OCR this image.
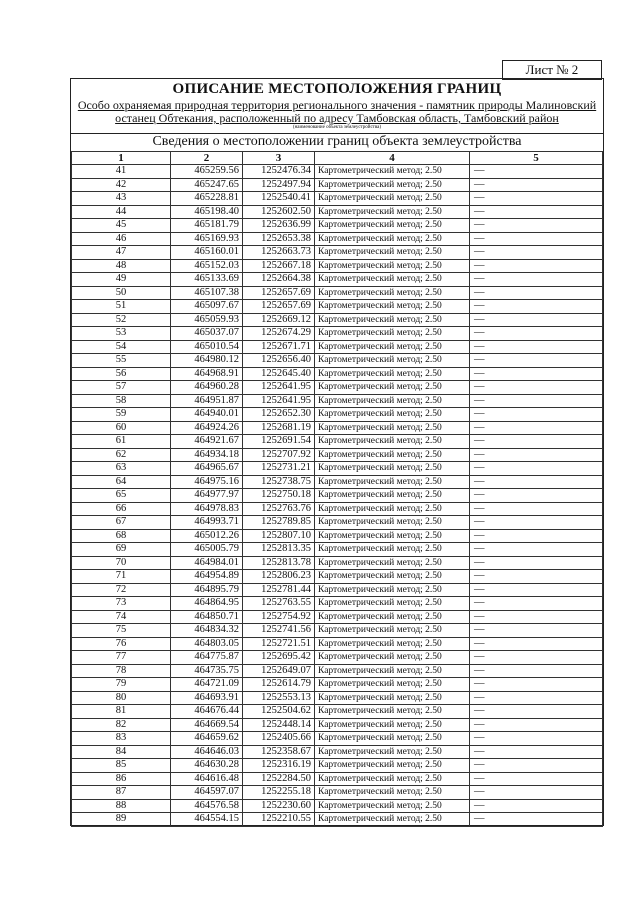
Лист № 2
ОПИСАНИЕ МЕСТОПОЛОЖЕНИЯ ГРАНИЦ
Особо охраняемая природная территория регионального значения - памятник природы Малиновский
останец Обтекания, расположенный по адресу Тамбовская область, Тамбовский район
(наименование объекта землеустройства)
Сведения о местоположении границ объекта землеустройства
1	2	3	4	5
41	465259.56	1252476.34	Картометрический метод; 2.50	—
42	465247.65	1252497.94	Картометрический метод; 2.50	—
43	465228.81	1252540.41	Картометрический метод; 2.50	—
44	465198.40	1252602.50	Картометрический метод; 2.50	—
45	465181.79	1252636.99	Картометрический метод; 2.50	—
46	465169.93	1252653.38	Картометрический метод; 2.50	—
47	465160.01	1252663.73	Картометрический метод; 2.50	—
48	465152.03	1252667.18	Картометрический метод; 2.50	—
49	465133.69	1252664.38	Картометрический метод; 2.50	—
50	465107.38	1252657.69	Картометрический метод; 2.50	—
51	465097.67	1252657.69	Картометрический метод; 2.50	—
52	465059.93	1252669.12	Картометрический метод; 2.50	—
53	465037.07	1252674.29	Картометрический метод; 2.50	—
54	465010.54	1252671.71	Картометрический метод; 2.50	—
55	464980.12	1252656.40	Картометрический метод; 2.50	—
56	464968.91	1252645.40	Картометрический метод; 2.50	—
57	464960.28	1252641.95	Картометрический метод; 2.50	—
58	464951.87	1252641.95	Картометрический метод; 2.50	—
59	464940.01	1252652.30	Картометрический метод; 2.50	—
60	464924.26	1252681.19	Картометрический метод; 2.50	—
61	464921.67	1252691.54	Картометрический метод; 2.50	—
62	464934.18	1252707.92	Картометрический метод; 2.50	—
63	464965.67	1252731.21	Картометрический метод; 2.50	—
64	464975.16	1252738.75	Картометрический метод; 2.50	—
65	464977.97	1252750.18	Картометрический метод; 2.50	—
66	464978.83	1252763.76	Картометрический метод; 2.50	—
67	464993.71	1252789.85	Картометрический метод; 2.50	—
68	465012.26	1252807.10	Картометрический метод; 2.50	—
69	465005.79	1252813.35	Картометрический метод; 2.50	—
70	464984.01	1252813.78	Картометрический метод; 2.50	—
71	464954.89	1252806.23	Картометрический метод; 2.50	—
72	464895.79	1252781.44	Картометрический метод; 2.50	—
73	464864.95	1252763.55	Картометрический метод; 2.50	—
74	464850.71	1252754.92	Картометрический метод; 2.50	—
75	464834.32	1252741.56	Картометрический метод; 2.50	—
76	464803.05	1252721.51	Картометрический метод; 2.50	—
77	464775.87	1252695.42	Картометрический метод; 2.50	—
78	464735.75	1252649.07	Картометрический метод; 2.50	—
79	464721.09	1252614.79	Картометрический метод; 2.50	—
80	464693.91	1252553.13	Картометрический метод; 2.50	—
81	464676.44	1252504.62	Картометрический метод; 2.50	—
82	464669.54	1252448.14	Картометрический метод; 2.50	—
83	464659.62	1252405.66	Картометрический метод; 2.50	—
84	464646.03	1252358.67	Картометрический метод; 2.50	—
85	464630.28	1252316.19	Картометрический метод; 2.50	—
86	464616.48	1252284.50	Картометрический метод; 2.50	—
87	464597.07	1252255.18	Картометрический метод; 2.50	—
88	464576.58	1252230.60	Картометрический метод; 2.50	—
89	464554.15	1252210.55	Картометрический метод; 2.50	—
